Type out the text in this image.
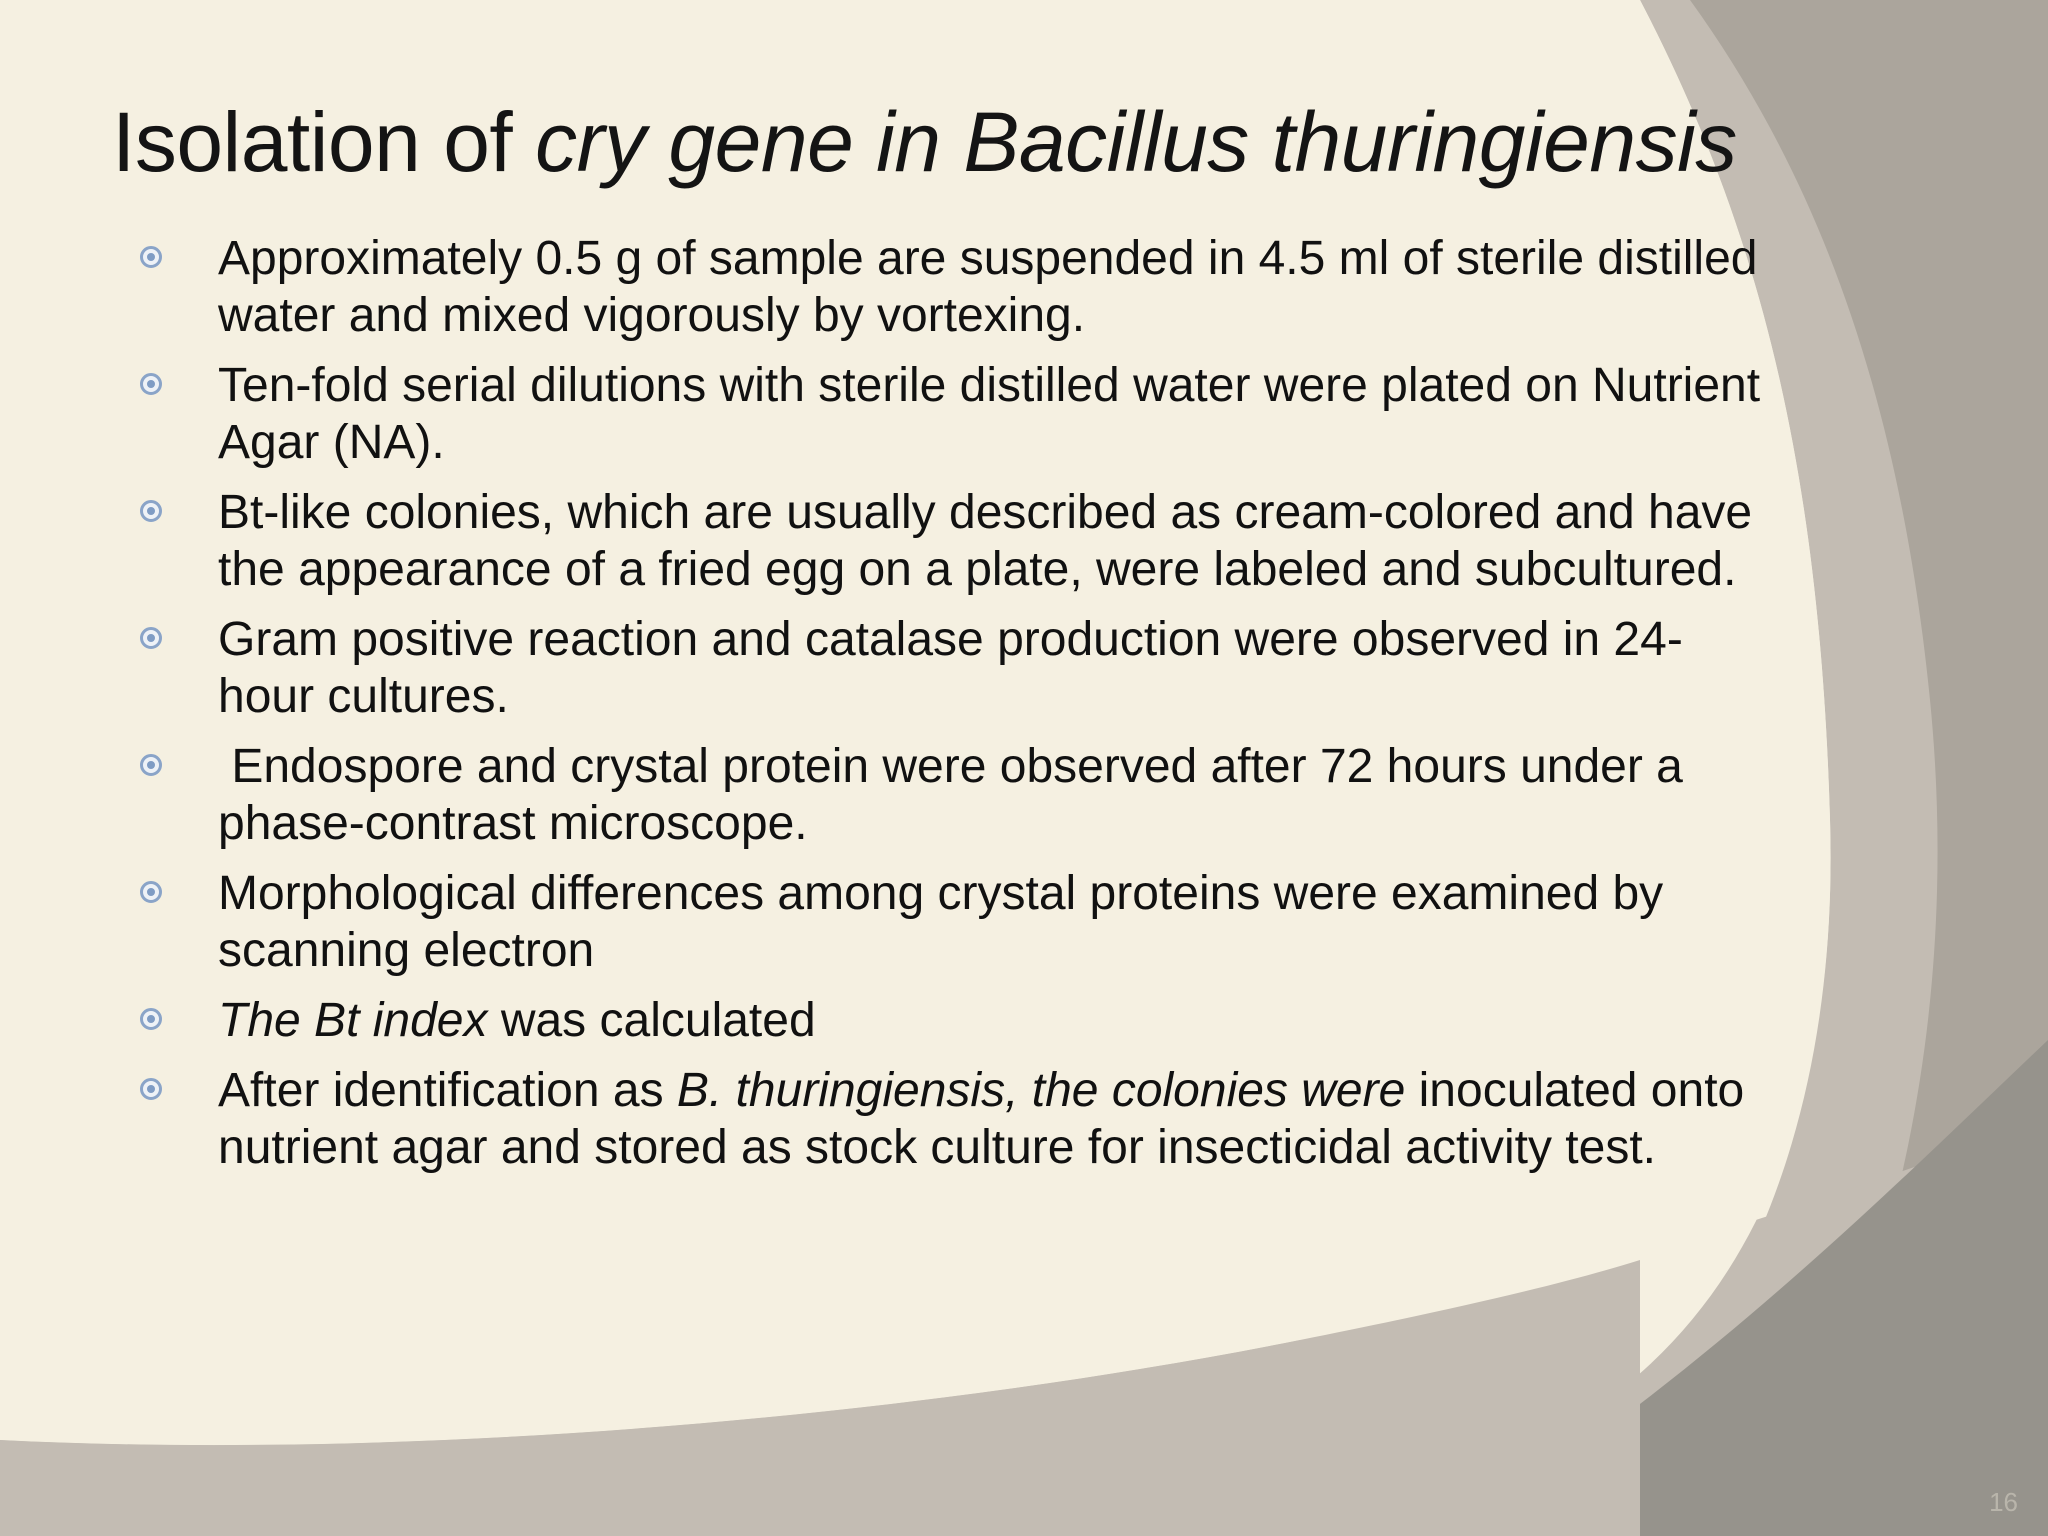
Isolation of cry gene in Bacillus thuringiensis
Approximately 0.5 g of sample are suspended in 4.5 ml of sterile distilled water and mixed vigorously by vortexing.
Ten-fold serial dilutions with sterile distilled water were plated on Nutrient Agar (NA).
Bt-like colonies, which are usually described as cream-colored and have the appearance of a fried egg on a plate, were labeled and subcultured.
Gram positive reaction and catalase production were observed in 24-hour cultures.
Endospore and crystal protein were observed after 72 hours under a phase-contrast microscope.
Morphological differences among crystal proteins were examined by scanning electron
The Bt index was calculated
After identification as B. thuringiensis, the colonies were inoculated onto nutrient agar and stored as stock culture for insecticidal activity test.
16
